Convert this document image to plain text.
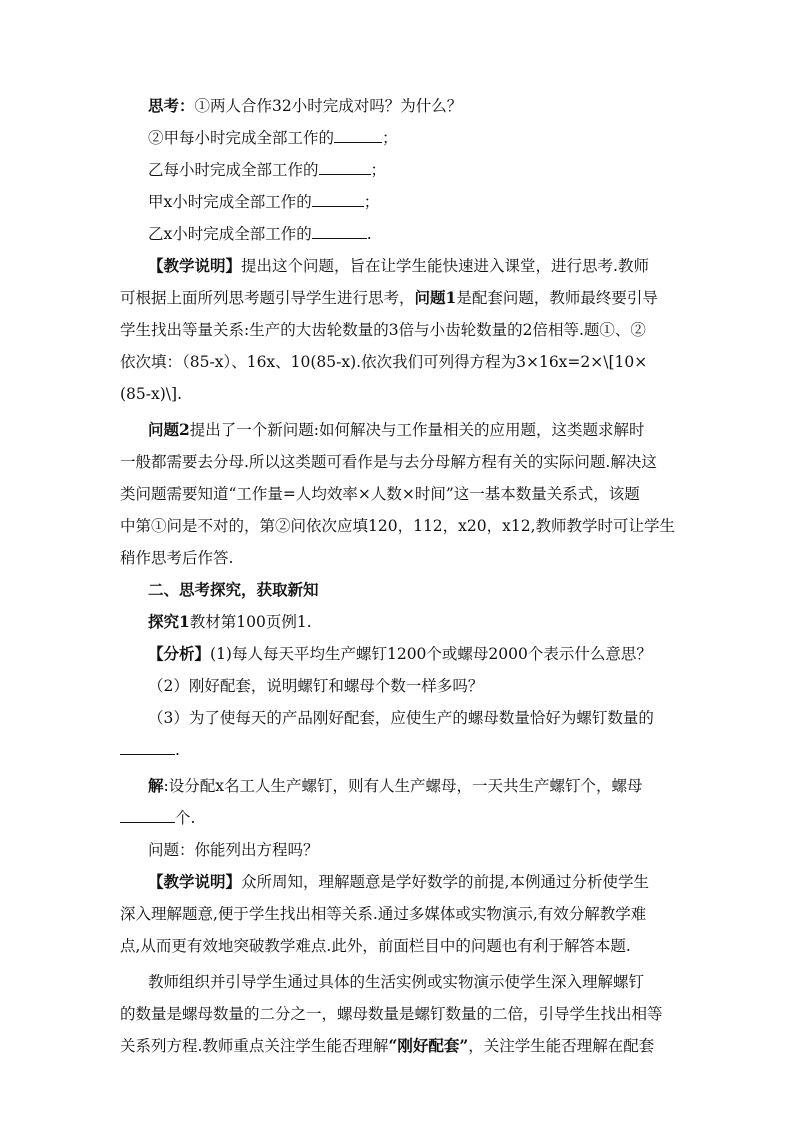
思考：①两人合作32小时完成对吗？为什么？
②甲每小时完成全部工作的	；
乙每小时完成全部工作的	；
甲x小时完成全部工作的	；
乙x小时完成全部工作的	.
【教学说明】提出这个问题，旨在让学生能快速进入课堂，进行思考.教师
可根据上面所列思考题引导学生进行思考，问题1是配套问题，教师最终要引导
学生找出等量关系:生产的大齿轮数量的3倍与小齿轮数量的2倍相等.题①、②
依次填：（85-x）、16x、10(85-x).依次我们可列得方程为3×16x=2×\[10×
(85-x)\].
问题2提出了一个新问题:如何解决与工作量相关的应用题，这类题求解时
一般都需要去分母.所以这类题可看作是与去分母解方程有关的实际问题.解决这
类问题需要知道“工作量=人均效率×人数×时间”这一基本数量关系式，该题
中第①问是不对的，第②问依次应填120，112，x20，x12,教师教学时可让学生
稍作思考后作答.
二、思考探究，获取新知
探究1教材第100页例1.
【分析】(1)每人每天平均生产螺钉1200个或螺母2000个表示什么意思？
（2）刚好配套，说明螺钉和螺母个数一样多吗？
（3）为了使每天的产品刚好配套，应使生产的螺母数量恰好为螺钉数量的
.
解:设分配x名工人生产螺钉，则有人生产螺母，一天共生产螺钉个，螺母
个.
问题：你能列出方程吗？
【教学说明】众所周知，理解题意是学好数学的前提,本例通过分析使学生
深入理解题意,便于学生找出相等关系.通过多媒体或实物演示,有效分解教学难
点,从而更有效地突破教学难点.此外，前面栏目中的问题也有利于解答本题.
教师组织并引导学生通过具体的生活实例或实物演示使学生深入理解螺钉
的数量是螺母数量的二分之一，螺母数量是螺钉数量的二倍，引导学生找出相等
关系列方程.教师重点关注学生能否理解“刚好配套”，关注学生能否理解在配套
